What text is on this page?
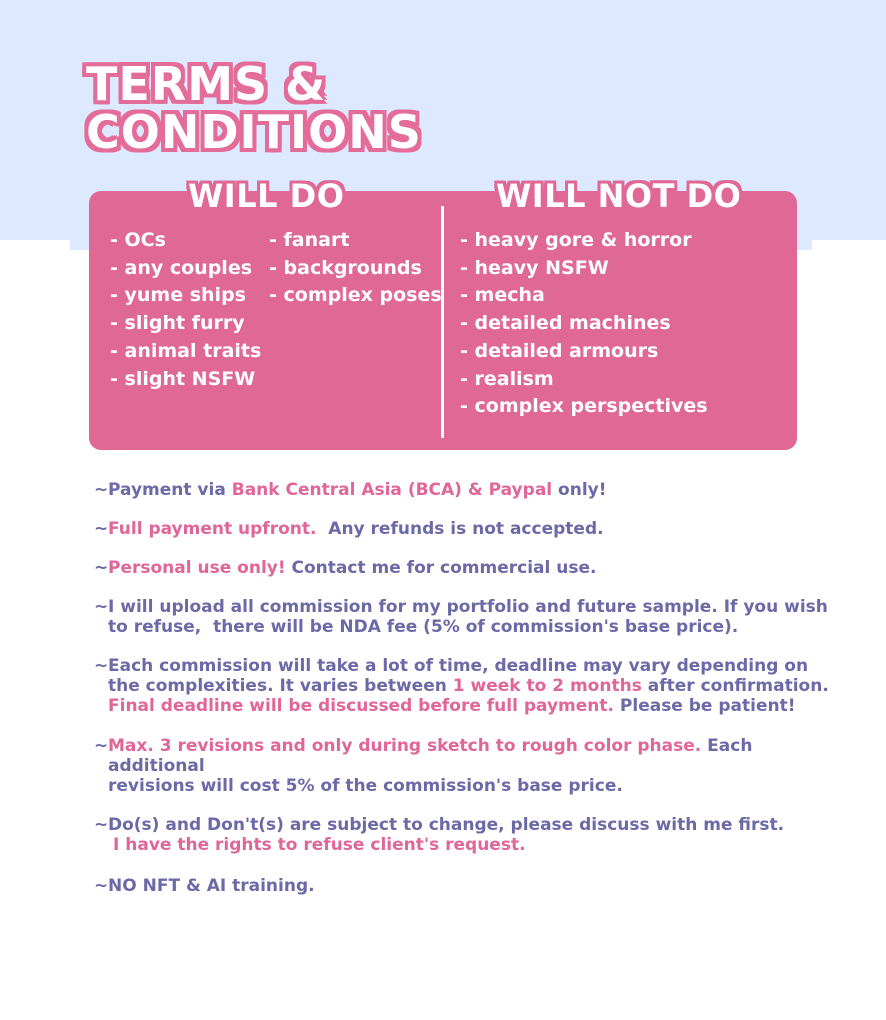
TERMS &
CONDITIONS
WILL DO	WILL NOT DO
- OCs
- any couples
- yume ships
- slight furry
- animal traits
- slight NSFW
- fanart
- backgrounds
- complex poses
- heavy gore & horror
- heavy NSFW
- mecha
- detailed machines
- detailed armours
- realism
- complex perspectives
~ Payment via Bank Central Asia (BCA) & Paypal only!
~ Full payment upfront.  Any refunds is not accepted.
~ Personal use only! Contact me for commercial use.
~ I will upload all commission for my portfolio and future sample. If you wish
to refuse,  there will be NDA fee (5% of commission's base price).
~ Each commission will take a lot of time, deadline may vary depending on
the complexities. It varies between 1 week to 2 months after confirmation.
Final deadline will be discussed before full payment. Please be patient!
~ Max. 3 revisions and only during sketch to rough color phase. Each additional
revisions will cost 5% of the commission's base price.
~ Do(s) and Don't(s) are subject to change, please discuss with me first.
I have the rights to refuse client's request.
~ NO NFT & AI training.
